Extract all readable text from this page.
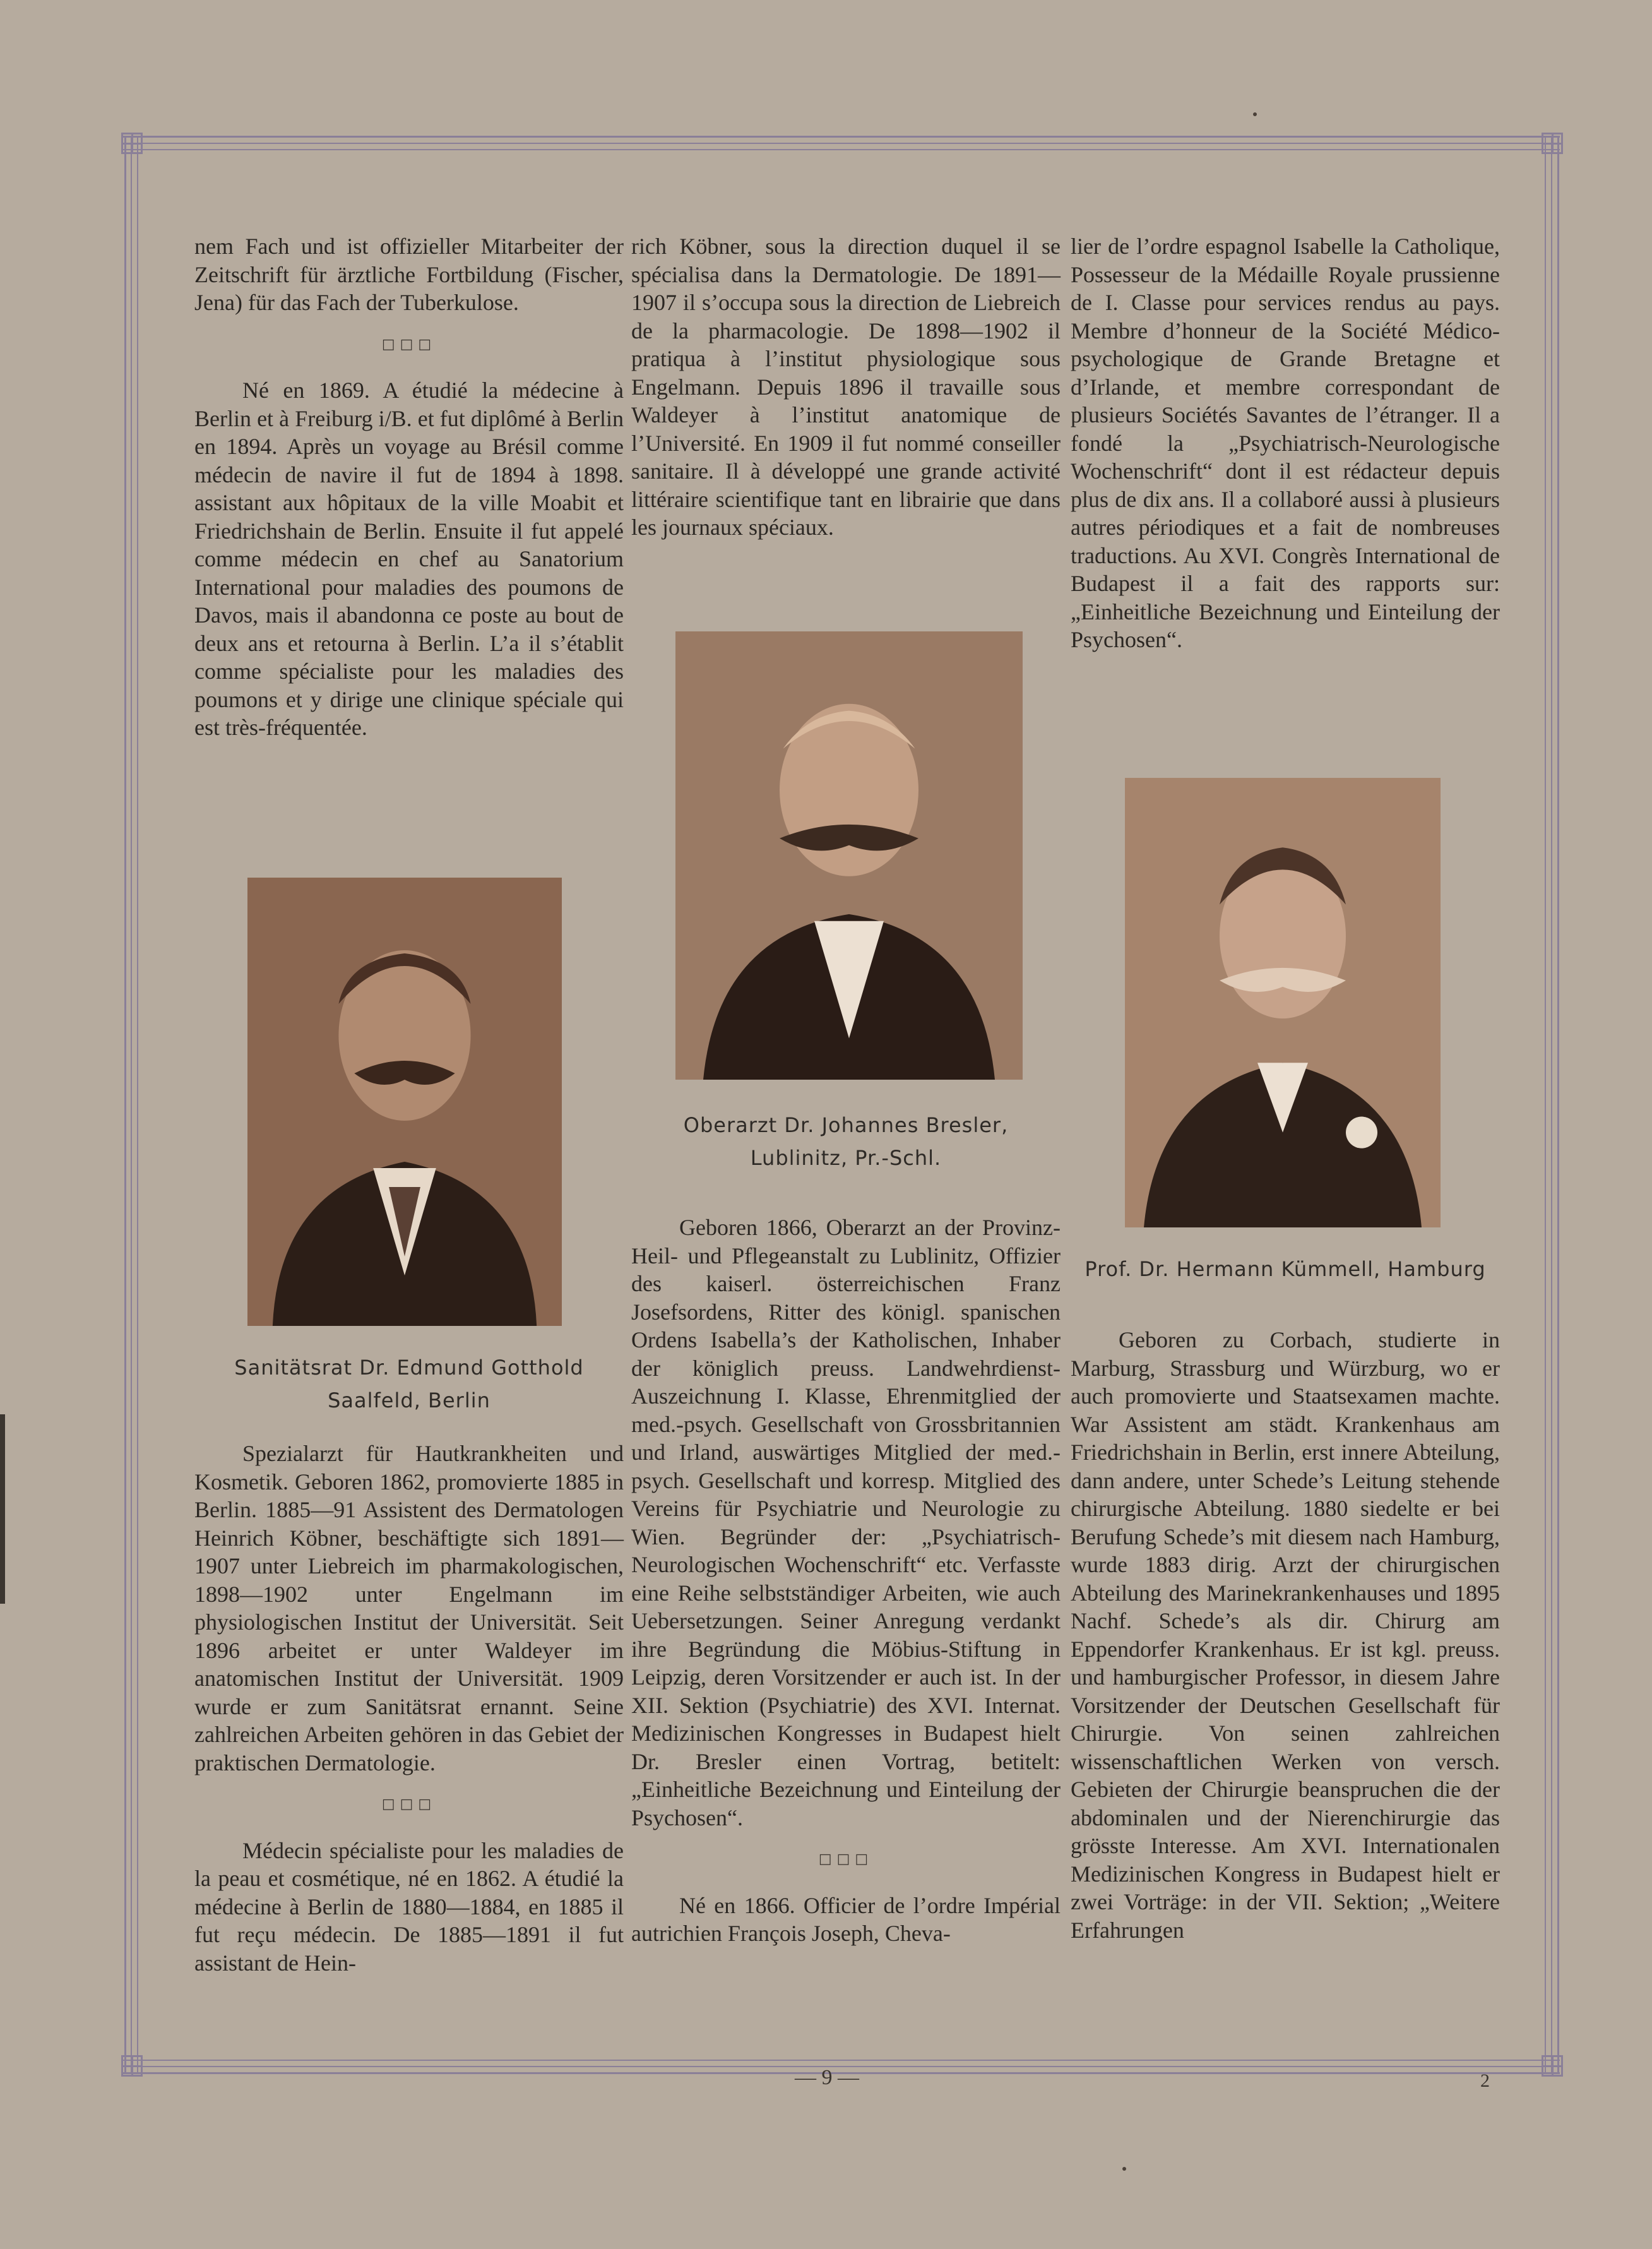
nem Fach und ist offizieller Mitarbeiter der Zeitschrift für ärztliche Fortbildung (Fischer, Jena) für das Fach der Tuberkulose.

□□□

Né en 1869. A étudié la médecine à Berlin et à Freiburg i/B. et fut diplômé à Berlin en 1894. Après un voyage au Brésil comme médecin de navire il fut de 1894 à 1898. assistant aux hôpitaux de la ville Moabit et Friedrichshain de Berlin. Ensuite il fut appelé comme médecin en chef au Sanatorium International pour maladies des poumons de Davos, mais il abandonna ce poste au bout de deux ans et retourna à Berlin. L’a il s’établit comme spécialiste pour les maladies des poumons et y dirige une clinique spéciale qui est très-fréquentée.

Sanitätsrat Dr. Edmund Gotthold
Saalfeld, Berlin

Spezialarzt für Hautkrankheiten und Kosmetik. Geboren 1862, promovierte 1885 in Berlin. 1885—91 Assistent des Dermatologen Heinrich Köbner, beschäftigte sich 1891—1907 unter Liebreich im pharmakologischen, 1898—1902 unter Engelmann im physiologischen Institut der Universität. Seit 1896 arbeitet er unter Waldeyer im anatomischen Institut der Universität. 1909 wurde er zum Sanitätsrat ernannt. Seine zahlreichen Arbeiten gehören in das Gebiet der praktischen Dermatologie.

□□□

Médecin spécialiste pour les maladies de la peau et cosmétique, né en 1862. A étudié la médecine à Berlin de 1880—1884, en 1885 il fut reçu médecin. De 1885—1891 il fut assistant de Hein-

rich Köbner, sous la direction duquel il se spécialisa dans la Dermatologie. De 1891—1907 il s’occupa sous la direction de Liebreich de la pharmacologie. De 1898—1902 il pratiqua à l’institut physiologique sous Engelmann. Depuis 1896 il travaille sous Waldeyer à l’institut anatomique de l’Université. En 1909 il fut nommé conseiller sanitaire. Il à développé une grande activité littéraire scientifique tant en librairie que dans les journaux spéciaux.

Oberarzt Dr. Johannes Bresler,
Lublinitz, Pr.-Schl.

Geboren 1866, Oberarzt an der Provinz-Heil- und Pflegeanstalt zu Lublinitz, Offizier des kaiserl. österreichischen Franz Josefsordens, Ritter des königl. spanischen Ordens Isabella’s der Katholischen, Inhaber der königlich preuss. Landwehrdienst-Auszeichnung I. Klasse, Ehrenmitglied der med.-psych. Gesellschaft von Grossbritannien und Irland, auswärtiges Mitglied der med.-psych. Gesellschaft und korresp. Mitglied des Vereins für Psychiatrie und Neurologie zu Wien. Begründer der: „Psychiatrisch-Neurologischen Wochenschrift“ etc. Verfasste eine Reihe selbstständiger Arbeiten, wie auch Uebersetzungen. Seiner Anregung verdankt ihre Begründung die Möbius-Stiftung in Leipzig, deren Vorsitzender er auch ist. In der XII. Sektion (Psychiatrie) des XVI. Internat. Medizinischen Kongresses in Budapest hielt Dr. Bresler einen Vortrag, betitelt: „Einheitliche Bezeichnung und Einteilung der Psychosen“.

□□□

Né en 1866. Officier de l’ordre Impérial autrichien François Joseph, Cheva-

lier de l’ordre espagnol Isabelle la Catholique, Possesseur de la Médaille Royale prussienne de I. Classe pour services rendus au pays. Membre d’honneur de la Société Médico-psychologique de Grande Bretagne et d’Irlande, et membre correspondant de plusieurs Sociétés Savantes de l’étranger. Il a fondé la „Psychiatrisch-Neurologische Wochenschrift“ dont il est rédacteur depuis plus de dix ans. Il a collaboré aussi à plusieurs autres périodiques et a fait de nombreuses traductions. Au XVI. Congrès International de Budapest il a fait des rapports sur: „Einheitliche Bezeichnung und Einteilung der Psychosen“.

Prof. Dr. Hermann Kümmell, Hamburg

Geboren zu Corbach, studierte in Marburg, Strassburg und Würzburg, wo er auch promovierte und Staatsexamen machte. War Assistent am städt. Krankenhaus am Friedrichshain in Berlin, erst innere Abteilung, dann andere, unter Schede’s Leitung stehende chirurgische Abteilung. 1880 siedelte er bei Berufung Schede’s mit diesem nach Hamburg, wurde 1883 dirig. Arzt der chirurgischen Abteilung des Marinekrankenhauses und 1895 Nachf. Schede’s als dir. Chirurg am Eppendorfer Krankenhaus. Er ist kgl. preuss. und hamburgischer Professor, in diesem Jahre Vorsitzender der Deutschen Gesellschaft für Chirurgie. Von seinen zahlreichen wissenschaftlichen Werken von versch. Gebieten der Chirurgie beanspruchen die der abdominalen und der Nierenchirurgie das grösste Interesse. Am XVI. Internationalen Medizinischen Kongress in Budapest hielt er zwei Vorträge: in der VII. Sektion; „Weitere Erfahrungen

— 9 —	2
